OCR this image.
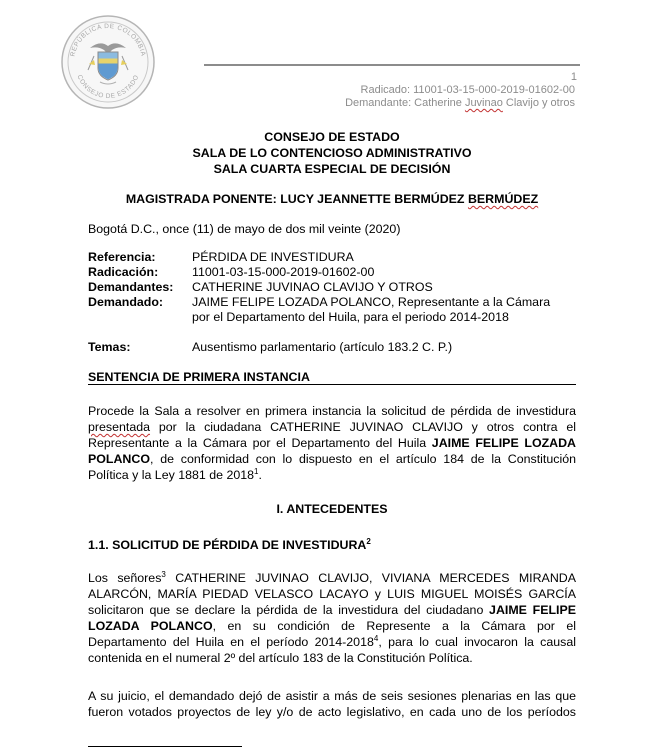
REPÚBLICA DE COLOMBIA
CONSEJO DE ESTADO	1
Radicado: 11001-03-15-000-2019-01602-00
Demandante: Catherine Juvinao Clavijo y otros
CONSEJO DE ESTADO
SALA DE LO CONTENCIOSO ADMINISTRATIVO
SALA CUARTA ESPECIAL DE DECISIÓN
MAGISTRADA PONENTE: LUCY JEANNETTE BERMÚDEZ BERMÚDEZ
Bogotá D.C., once (11) de mayo de dos mil veinte (2020)
Referencia:	PÉRDIDA DE INVESTIDURA
Radicación:	11001-03-15-000-2019-01602-00
Demandantes: CATHERINE JUVINAO CLAVIJO Y OTROS
Demandado: JAIME FELIPE LOZADA POLANCO, Representante a la Cámara
por el Departamento del Huila, para el periodo 2014-2018
Temas:	Ausentismo parlamentario (artículo 183.2 C. P.)
SENTENCIA DE PRIMERA INSTANCIA
Procede la Sala a resolver en primera instancia la solicitud de pérdida de investidura
presentada por la ciudadana CATHERINE JUVINAO CLAVIJO y otros contra el
Representante a la Cámara por el Departamento del Huila JAIME FELIPE LOZADA
POLANCO, de conformidad con lo dispuesto en el artículo 184 de la Constitución
Política y la Ley 1881 de 2018$^1$.
I. ANTECEDENTES
1.1. SOLICITUD DE PÉRDIDA DE INVESTIDURA$^2$
Los señores$^3$ CATHERINE JUVINAO CLAVIJO, VIVIANA MERCEDES MIRANDA
ALARCÓN, MARÍA PIEDAD VELASCO LACAYO y LUIS MIGUEL MOISÉS GARCÍA
solicitaron que se declare la pérdida de la investidura del ciudadano JAIME FELIPE
LOZADA POLANCO, en su condición de Represente a la Cámara por el
Departamento del Huila en el período 2014-2018$^4$, para lo cual invocaron la causal
contenida en el numeral 2º del artículo 183 de la Constitución Política.
A su juicio, el demandado dejó de asistir a más de seis sesiones plenarias en las que
fueron votados proyectos de ley y/o de acto legislativo, en cada uno de los períodos
